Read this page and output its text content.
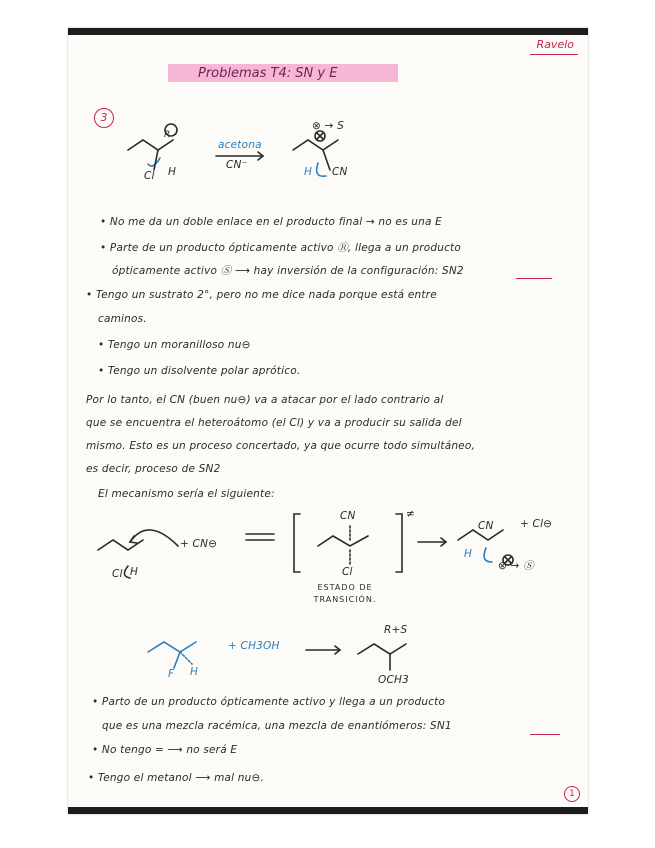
Ravelo
Problemas T4: SN y E
3
R
Cl H
acetona
CN⁻
⊗ → S
H CN
• No me da un doble enlace en el producto final → no es una E
• Parte de un producto ópticamente activo Ⓡ, llega a un producto
ópticamente activo Ⓢ ⟶ hay inversión de la configuración: SN2
• Tengo un sustrato 2°, pero no me dice nada porque está entre
caminos.
• Tengo un moranilloso nu⊖
• Tengo un disolvente polar aprótico.
Por lo tanto, el CN (buen nu⊖) va a atacar por el lado contrario al
que se encuentra el heteroátomo (el Cl) y va a producir su salida del
mismo. Esto es un proceso concertado, ya que ocurre todo simultáneo,
es decir, proceso de SN2
El mecanismo sería el siguiente:
Cl H
+ CN⊖
CN
Cl
≠
ESTADO DE TRANSICIÓN.
+ Cl⊖
⊗ → Ⓢ
H
CN
F H
+ CH3OH
R+S
OCH3
• Parto de un producto ópticamente activo y llega a un producto
que es una mezcla racémica, una mezcla de enantiómeros: SN1
• No tengo = ⟶ no será E
• Tengo el metanol ⟶ mal nu⊖.
1
